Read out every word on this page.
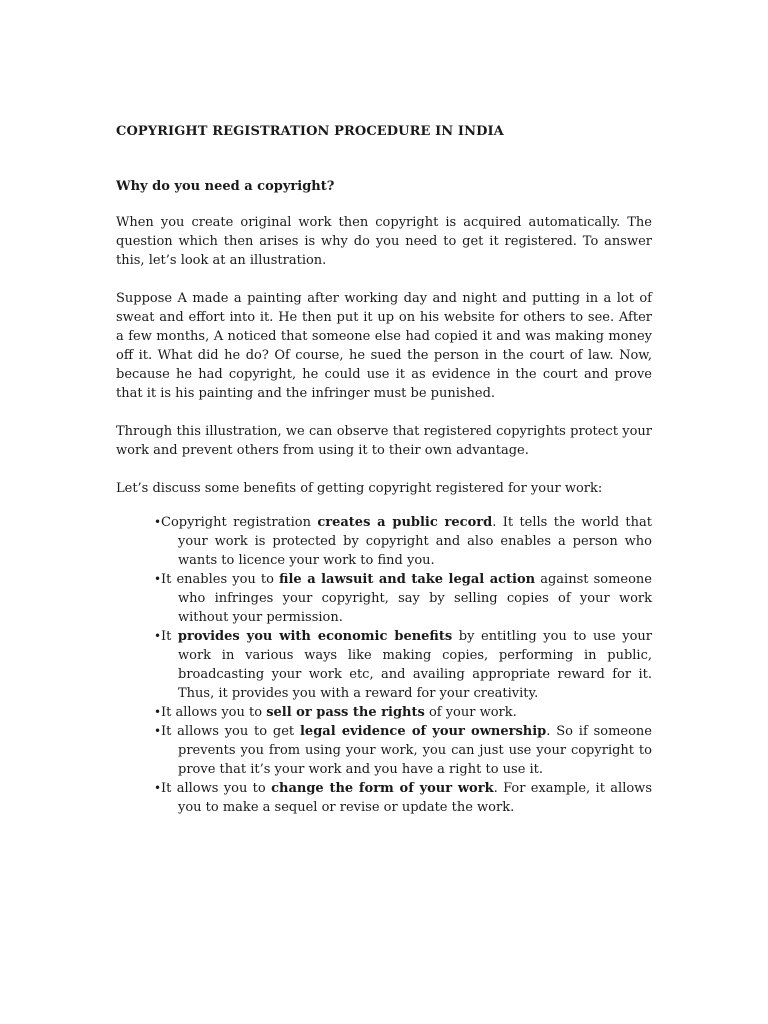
COPYRIGHT REGISTRATION PROCEDURE IN INDIA
Why do you need a copyright?

When you create original work then copyright is acquired automatically. The question which then arises is why do you need to get it registered. To answer this, let’s look at an illustration.

Suppose A made a painting after working day and night and putting in a lot of sweat and effort into it. He then put it up on his website for others to see. After a few months, A noticed that someone else had copied it and was making money off it. What did he do? Of course, he sued the person in the court of law. Now, because he had copyright, he could use it as evidence in the court and prove that it is his painting and the infringer must be punished.

Through this illustration, we can observe that registered copyrights protect your work and prevent others from using it to their own advantage.

Let’s discuss some benefits of getting copyright registered for your work:

•Copyright registration creates a public record. It tells the world that your work is protected by copyright and also enables a person who wants to licence your work to find you.
•It enables you to file a lawsuit and take legal action against someone who infringes your copyright, say by selling copies of your work without your permission.
•It provides you with economic benefits by entitling you to use your work in various ways like making copies, performing in public, broadcasting your work etc, and availing appropriate reward for it. Thus, it provides you with a reward for your creativity.
•It allows you to sell or pass the rights of your work.
•It allows you to get legal evidence of your ownership. So if someone prevents you from using your work, you can just use your copyright to prove that it’s your work and you have a right to use it.
•It allows you to change the form of your work. For example, it allows you to make a sequel or revise or update the work.
